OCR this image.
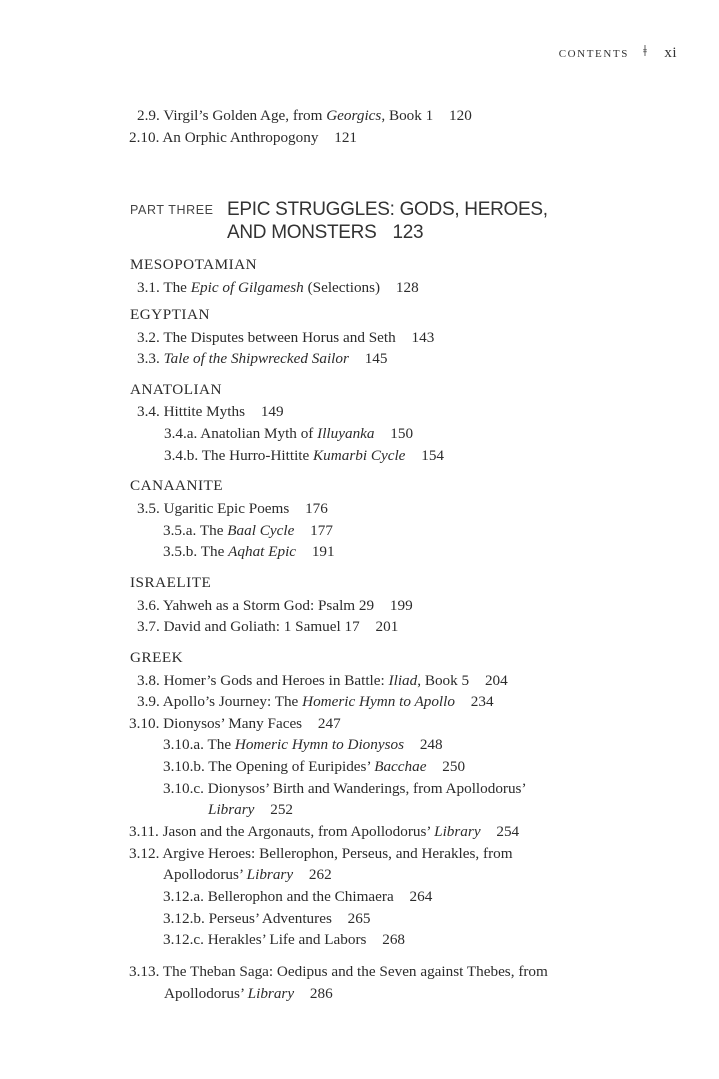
contents ǂ xi
2.9. Virgil’s Golden Age, from Georgics, Book 1 120
2.10. An Orphic Anthropogony 121
PART THREE EPIC STRUGGLES: GODS, HEROES,
AND MONSTERS 123
MESOPOTAMIAN
3.1. The Epic of Gilgamesh (Selections) 128
EGYPTIAN
3.2. The Disputes between Horus and Seth 143
3.3. Tale of the Shipwrecked Sailor 145
ANATOLIAN
3.4. Hittite Myths 149
3.4.a. Anatolian Myth of Illuyanka 150
3.4.b. The Hurro-Hittite Kumarbi Cycle 154
CANAANITE
3.5. Ugaritic Epic Poems 176
3.5.a. The Baal Cycle 177
3.5.b. The Aqhat Epic 191
ISRAELITE
3.6. Yahweh as a Storm God: Psalm 29 199
3.7. David and Goliath: 1 Samuel 17 201
GREEK
3.8. Homer’s Gods and Heroes in Battle: Iliad, Book 5 204
3.9. Apollo’s Journey: The Homeric Hymn to Apollo 234
3.10. Dionysos’ Many Faces 247
3.10.a. The Homeric Hymn to Dionysos 248
3.10.b. The Opening of Euripides’ Bacchae 250
3.10.c. Dionysos’ Birth and Wanderings, from Apollodorus’
Library 252
3.11. Jason and the Argonauts, from Apollodorus’ Library 254
3.12. Argive Heroes: Bellerophon, Perseus, and Herakles, from
Apollodorus’ Library 262
3.12.a. Bellerophon and the Chimaera 264
3.12.b. Perseus’ Adventures 265
3.12.c. Herakles’ Life and Labors 268
3.13. The Theban Saga: Oedipus and the Seven against Thebes, from
Apollodorus’ Library 286
